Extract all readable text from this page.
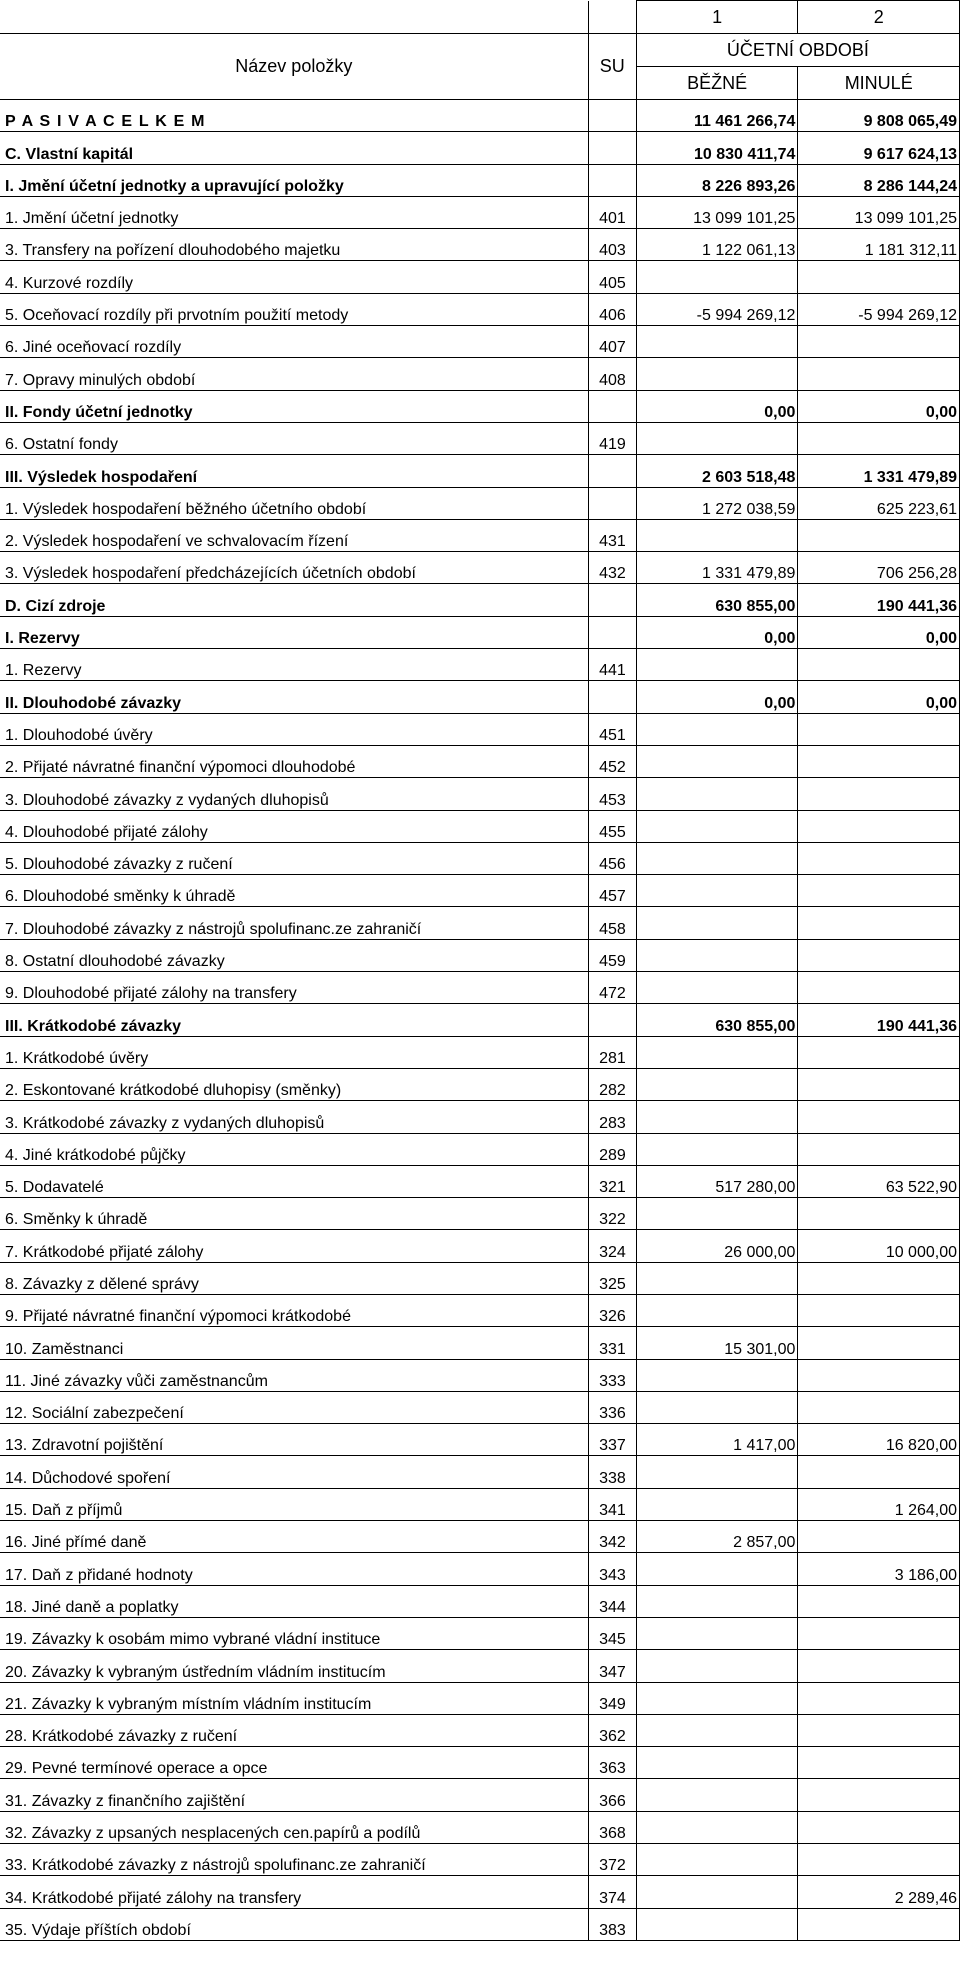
		1	2
Název položky	SU	ÚČETNÍ OBDOBÍ	
		BĚŽNÉ	MINULÉ
P A S I V A C E L K E M		11 461 266,74	9 808 065,49
C. Vlastní kapitál		10 830 411,74	9 617 624,13
I. Jmění účetní jednotky a upravující položky		8 226 893,26	8 286 144,24
1. Jmění účetní jednotky	401	13 099 101,25	13 099 101,25
3. Transfery na pořízení dlouhodobého majetku	403	1 122 061,13	1 181 312,11
4. Kurzové rozdíly	405		
5. Oceňovací rozdíly při prvotním použití metody	406	-5 994 269,12	-5 994 269,12
6. Jiné oceňovací rozdíly	407		
7. Opravy minulých období	408		
II. Fondy účetní jednotky		0,00	0,00
6. Ostatní fondy	419		
III. Výsledek hospodaření		2 603 518,48	1 331 479,89
1. Výsledek hospodaření běžného účetního období		1 272 038,59	625 223,61
2. Výsledek hospodaření ve schvalovacím řízení	431		
3. Výsledek hospodaření předcházejících účetních období	432	1 331 479,89	706 256,28
D. Cizí zdroje		630 855,00	190 441,36
I. Rezervy		0,00	0,00
1. Rezervy	441		
II. Dlouhodobé závazky		0,00	0,00
1. Dlouhodobé úvěry	451		
2. Přijaté návratné finanční výpomoci dlouhodobé	452		
3. Dlouhodobé závazky z vydaných dluhopisů	453		
4. Dlouhodobé přijaté zálohy	455		
5. Dlouhodobé závazky z ručení	456		
6. Dlouhodobé směnky k úhradě	457		
7. Dlouhodobé závazky z nástrojů spolufinanc.ze zahraničí	458		
8. Ostatní dlouhodobé závazky	459		
9. Dlouhodobé přijaté zálohy na transfery	472		
III. Krátkodobé závazky		630 855,00	190 441,36
1. Krátkodobé úvěry	281		
2. Eskontované krátkodobé dluhopisy (směnky)	282		
3. Krátkodobé závazky z vydaných dluhopisů	283		
4. Jiné krátkodobé půjčky	289		
5. Dodavatelé	321	517 280,00	63 522,90
6. Směnky k úhradě	322		
7. Krátkodobé přijaté zálohy	324	26 000,00	10 000,00
8. Závazky z dělené správy	325		
9. Přijaté návratné finanční výpomoci krátkodobé	326		
10. Zaměstnanci	331	15 301,00	
11. Jiné závazky vůči zaměstnancům	333		
12. Sociální zabezpečení	336		
13. Zdravotní pojištění	337	1 417,00	16 820,00
14. Důchodové spoření	338		
15. Daň z příjmů	341		1 264,00
16. Jiné přímé daně	342	2 857,00	
17. Daň z přidané hodnoty	343		3 186,00
18. Jiné daně a poplatky	344		
19. Závazky k osobám mimo vybrané vládní instituce	345		
20. Závazky k vybraným ústředním vládním institucím	347		
21. Závazky k vybraným místním vládním institucím	349		
28. Krátkodobé závazky z ručení	362		
29. Pevné termínové operace a opce	363		
31. Závazky z finančního zajištění	366		
32. Závazky z upsaných nesplacených cen.papírů a podílů	368		
33. Krátkodobé závazky z nástrojů spolufinanc.ze zahraničí	372		
34. Krátkodobé přijaté zálohy na transfery	374		2 289,46
35. Výdaje příštích období	383		
